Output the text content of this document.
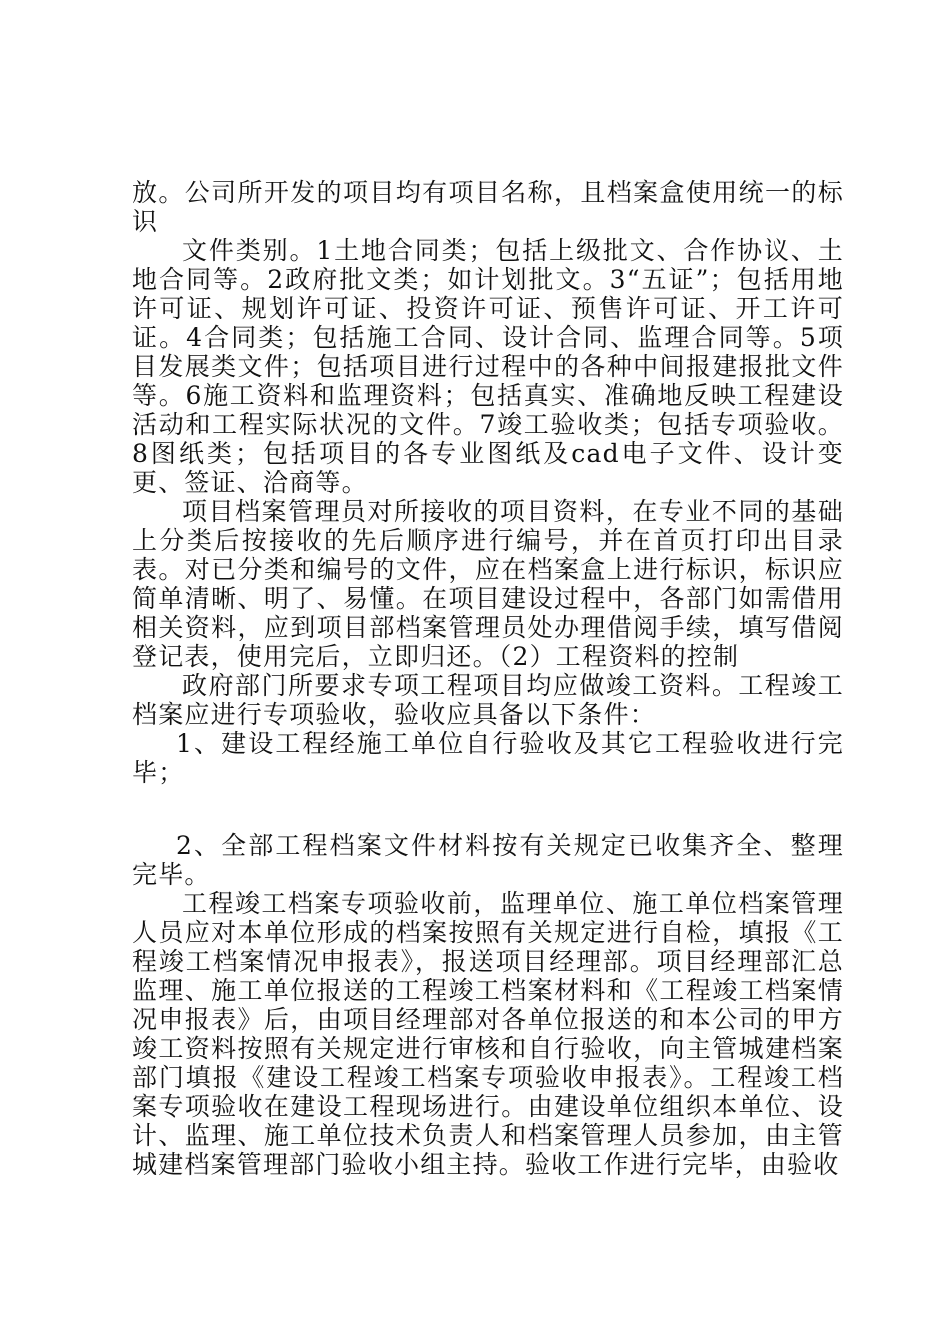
放。公司所开发的项目均有项目名称，且档案盒使用统一的标识

文件类别。1土地合同类；包括上级批文、合作协议、土地合同等。2政府批文类；如计划批文。3“五证”；包括用地许可证、规划许可证、投资许可证、预售许可证、开工许可证。4合同类；包括施工合同、设计合同、监理合同等。5项目发展类文件；包括项目进行过程中的各种中间报建报批文件等。6施工资料和监理资料；包括真实、准确地反映工程建设活动和工程实际状况的文件。7竣工验收类；包括专项验收。8图纸类；包括项目的各专业图纸及cad电子文件、设计变更、签证、洽商等。

项目档案管理员对所接收的项目资料，在专业不同的基础上分类后按接收的先后顺序进行编号，并在首页打印出目录表。对已分类和编号的文件，应在档案盒上进行标识，标识应简单清晰、明了、易懂。在项目建设过程中，各部门如需借用相关资料，应到项目部档案管理员处办理借阅手续，填写借阅登记表，使用完后，立即归还。（2）工程资料的控制

政府部门所要求专项工程项目均应做竣工资料。工程竣工档案应进行专项验收，验收应具备以下条件：

1、建设工程经施工单位自行验收及其它工程验收进行完毕；

2、全部工程档案文件材料按有关规定已收集齐全、整理完毕。

工程竣工档案专项验收前，监理单位、施工单位档案管理人员应对本单位形成的档案按照有关规定进行自检，填报《工程竣工档案情况申报表》，报送项目经理部。项目经理部汇总监理、施工单位报送的工程竣工档案材料和《工程竣工档案情况申报表》后，由项目经理部对各单位报送的和本公司的甲方竣工资料按照有关规定进行审核和自行验收，向主管城建档案部门填报《建设工程竣工档案专项验收申报表》。工程竣工档案专项验收在建设工程现场进行。由建设单位组织本单位、设计、监理、施工单位技术负责人和档案管理人员参加，由主管城建档案管理部门验收小组主持。验收工作进行完毕，由验收
